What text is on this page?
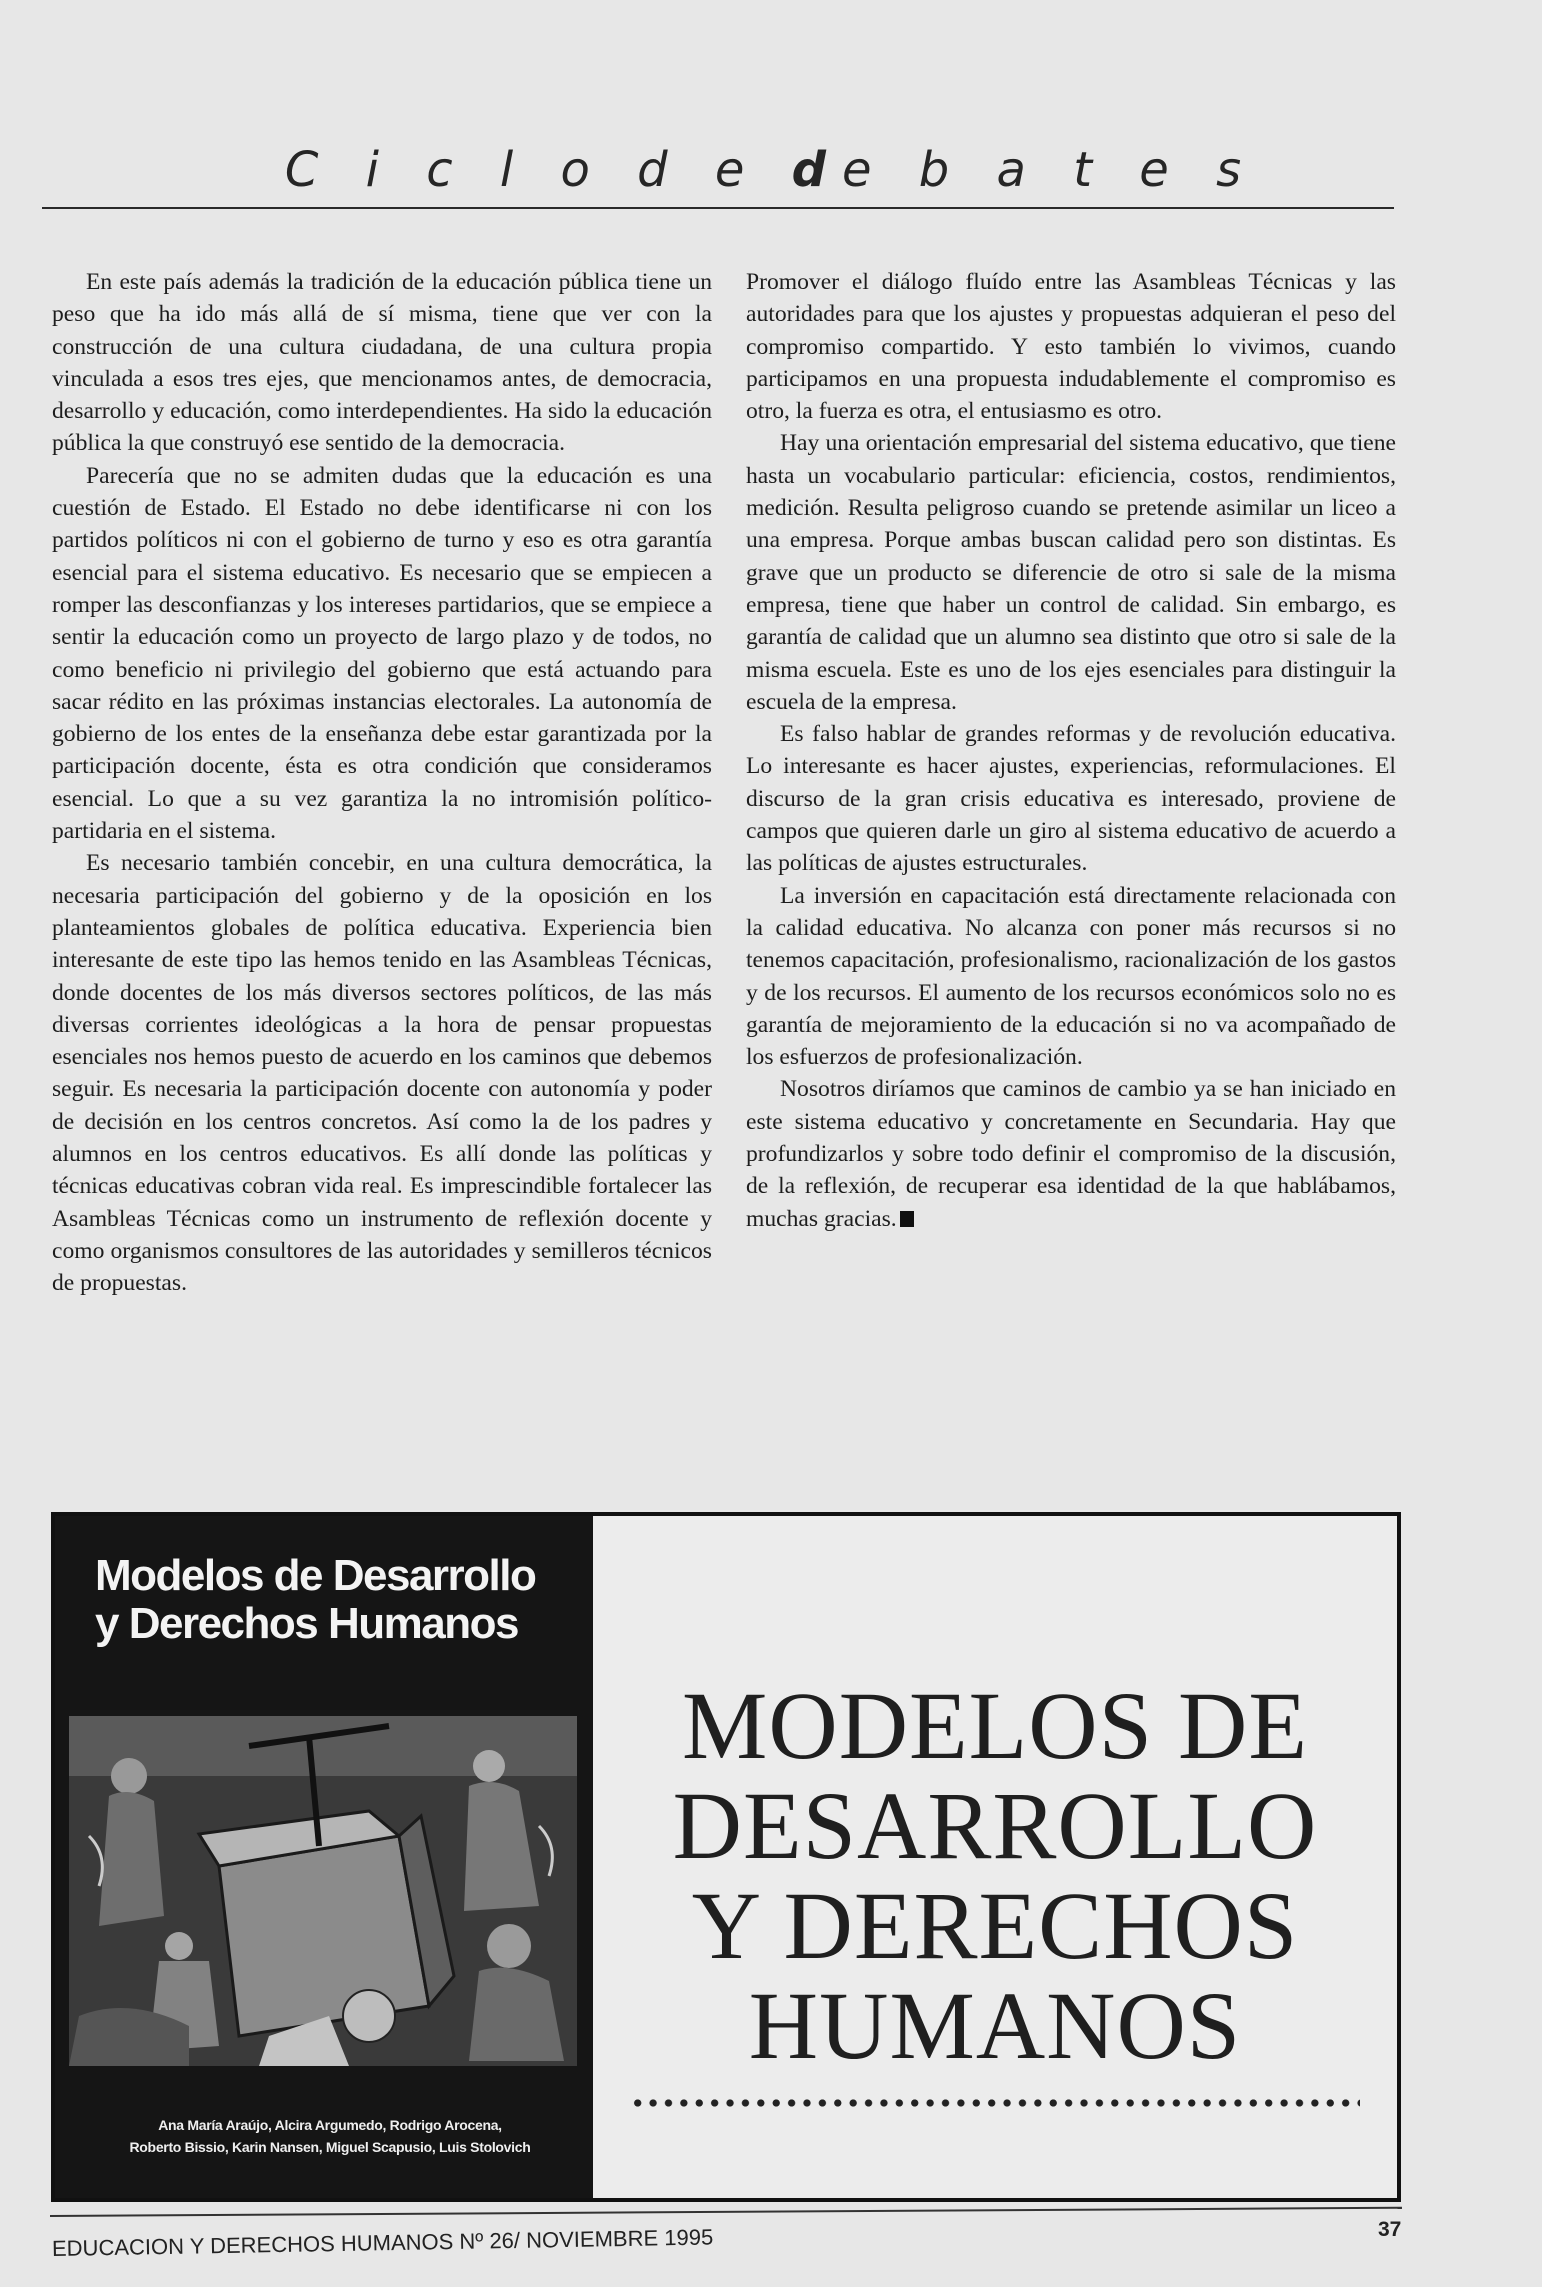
C i c l o d e de b a t e s

En este país además la tradición de la educación pública tiene un peso que ha ido más allá de sí misma, tiene que ver con la construcción de una cultura ciudadana, de una cultura propia vinculada a esos tres ejes, que mencionamos antes, de democracia, desarrollo y educación, como interdependientes. Ha sido la educación pública la que construyó ese sentido de la democracia.

Parecería que no se admiten dudas que la educación es una cuestión de Estado. El Estado no debe identificarse ni con los partidos políticos ni con el gobierno de turno y eso es otra garantía esencial para el sistema educativo. Es necesario que se empiecen a romper las desconfianzas y los intereses partidarios, que se empiece a sentir la educación como un proyecto de largo plazo y de todos, no como beneficio ni privilegio del gobierno que está actuando para sacar rédito en las próximas instancias electorales. La autonomía de gobierno de los entes de la enseñanza debe estar garantizada por la participación docente, ésta es otra condición que consideramos esencial. Lo que a su vez garantiza la no intromisión político-partidaria en el sistema.

Es necesario también concebir, en una cultura democrática, la necesaria participación del gobierno y de la oposición en los planteamientos globales de política educativa. Experiencia bien interesante de este tipo las hemos tenido en las Asambleas Técnicas, donde docentes de los más diversos sectores políticos, de las más diversas corrientes ideológicas a la hora de pensar propuestas esenciales nos hemos puesto de acuerdo en los caminos que debemos seguir. Es necesaria la participación docente con autonomía y poder de decisión en los centros concretos. Así como la de los padres y alumnos en los centros educativos. Es allí donde las políticas y técnicas educativas cobran vida real. Es imprescindible fortalecer las Asambleas Técnicas como un instrumento de reflexión docente y como organismos consultores de las autoridades y semilleros técnicos de propuestas.

Promover el diálogo fluído entre las Asambleas Técnicas y las autoridades para que los ajustes y propuestas adquieran el peso del compromiso compartido. Y esto también lo vivimos, cuando participamos en una propuesta indudablemente el compromiso es otro, la fuerza es otra, el entusiasmo es otro.

Hay una orientación empresarial del sistema educativo, que tiene hasta un vocabulario particular: eficiencia, costos, rendimientos, medición. Resulta peligroso cuando se pretende asimilar un liceo a una empresa. Porque ambas buscan calidad pero son distintas. Es grave que un producto se diferencie de otro si sale de la misma empresa, tiene que haber un control de calidad. Sin embargo, es garantía de calidad que un alumno sea distinto que otro si sale de la misma escuela. Este es uno de los ejes esenciales para distinguir la escuela de la empresa.

Es falso hablar de grandes reformas y de revolución educativa. Lo interesante es hacer ajustes, experiencias, reformulaciones. El discurso de la gran crisis educativa es interesado, proviene de campos que quieren darle un giro al sistema educativo de acuerdo a las políticas de ajustes estructurales.

La inversión en capacitación está directamente relacionada con la calidad educativa. No alcanza con poner más recursos si no tenemos capacitación, profesionalismo, racionalización de los gastos y de los recursos. El aumento de los recursos económicos solo no es garantía de mejoramiento de la educación si no va acompañado de los esfuerzos de profesionalización.

Nosotros diríamos que caminos de cambio ya se han iniciado en este sistema educativo y concretamente en Secundaria. Hay que profundizarlos y sobre todo definir el compromiso de la discusión, de la reflexión, de recuperar esa identidad de la que hablábamos, muchas gracias.

Modelos de Desarrollo
y Derechos Humanos
Ana María Araújo, Alcira Argumedo, Rodrigo Arocena,
Roberto Bissio, Karin Nansen, Miguel Scapusio, Luis Stolovich
MODELOS DE
DESARROLLO
Y DERECHOS
HUMANOS
EDUCACION Y DERECHOS HUMANOS Nº 26/ NOVIEMBRE 1995	37
